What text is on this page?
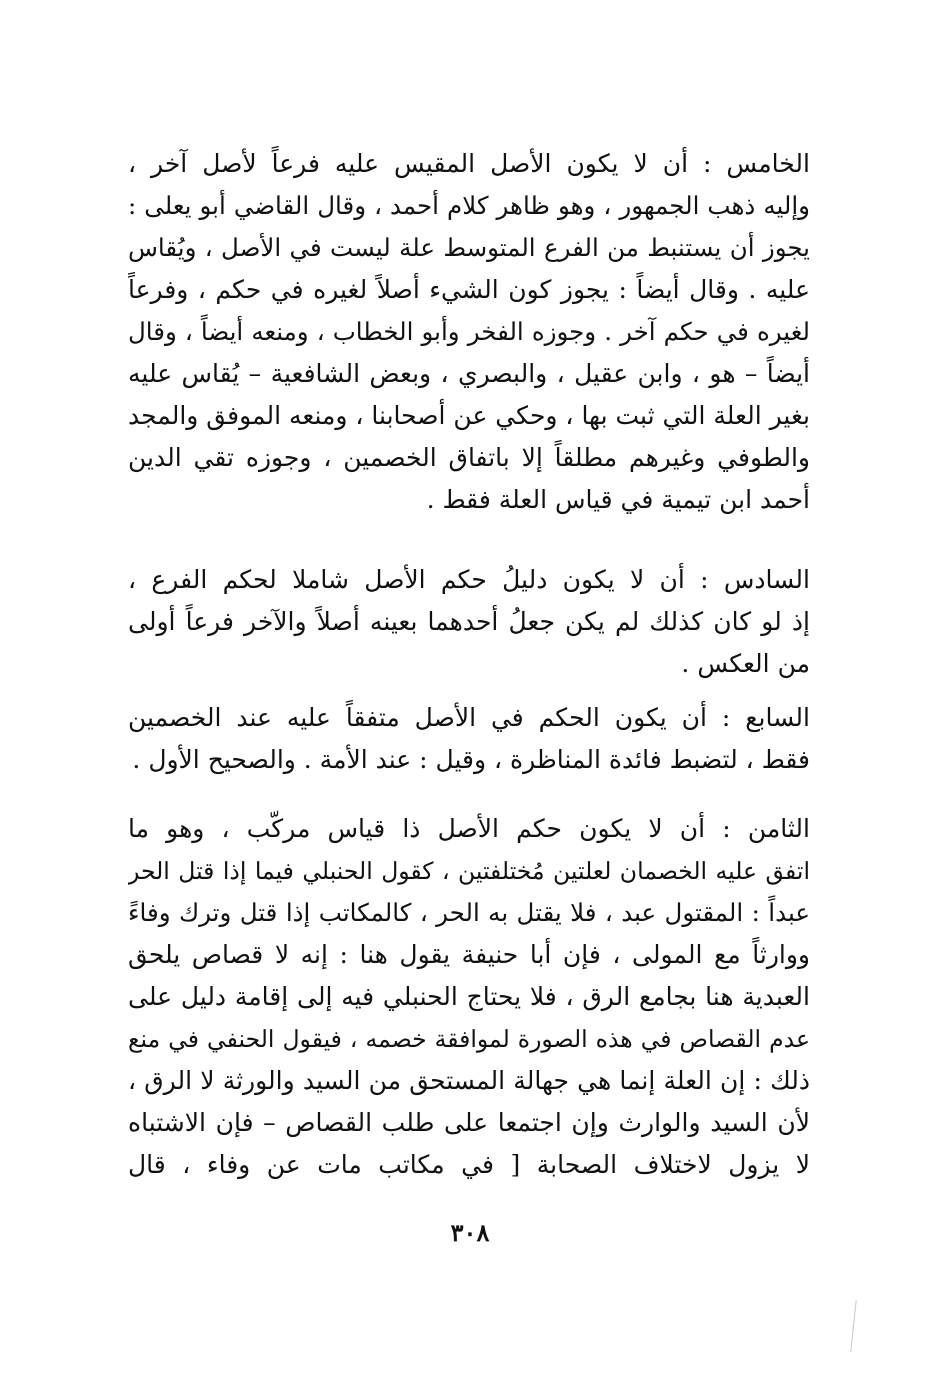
الخامس : أن لا يكون الأصل المقيس عليه فرعاً لأصل آخر ،
وإليه ذهب الجمهور ، وهو ظاهر كلام أحمد ، وقال القاضي أبو يعلى :
يجوز أن يستنبط من الفرع المتوسط علة ليست في الأصل ، ويُقاس
عليه . وقال أيضاً : يجوز كون الشيء أصلاً لغيره في حكم ، وفرعاً
لغيره في حكم آخر . وجوزه الفخر وأبو الخطاب ، ومنعه أيضاً ، وقال
أيضاً – هو ، وابن عقيل ، والبصري ، وبعض الشافعية – يُقاس عليه
بغير العلة التي ثبت بها ، وحكي عن أصحابنا ، ومنعه الموفق والمجد
والطوفي وغيرهم مطلقاً إلا باتفاق الخصمين ، وجوزه تقي الدين
أحمد ابن تيمية في قياس العلة فقط .
السادس : أن لا يكون دليلُ حكم الأصل شاملا لحكم الفرع ،
إذ لو كان كذلك لم يكن جعلُ أحدهما بعينه أصلاً والآخر فرعاً أولى
من العكس .
السابع : أن يكون الحكم في الأصل متفقاً عليه عند الخصمين
فقط ، لتضبط فائدة المناظرة ، وقيل : عند الأمة . والصحيح الأول .
الثامن : أن لا يكون حكم الأصل ذا قياس مركّب ، وهو ما
اتفق عليه الخصمان لعلتين مُختلفتين ، كقول الحنبلي فيما إذا قتل الحر
عبداً : المقتول عبد ، فلا يقتل به الحر ، كالمكاتب إذا قتل وترك وفاءً
ووارثاً مع المولى ، فإن أبا حنيفة يقول هنا : إنه لا قصاص يلحق
العبدية هنا بجامع الرق ، فلا يحتاج الحنبلي فيه إلى إقامة دليل على
عدم القصاص في هذه الصورة لموافقة خصمه ، فيقول الحنفي في منع
ذلك : إن العلة إنما هي جهالة المستحق من السيد والورثة لا الرق ،
لأن السيد والوارث وإن اجتمعا على طلب القصاص – فإن الاشتباه
لا يزول لاختلاف الصحابة [ في مكاتب مات عن وفاء ، قال
٣٠٨
